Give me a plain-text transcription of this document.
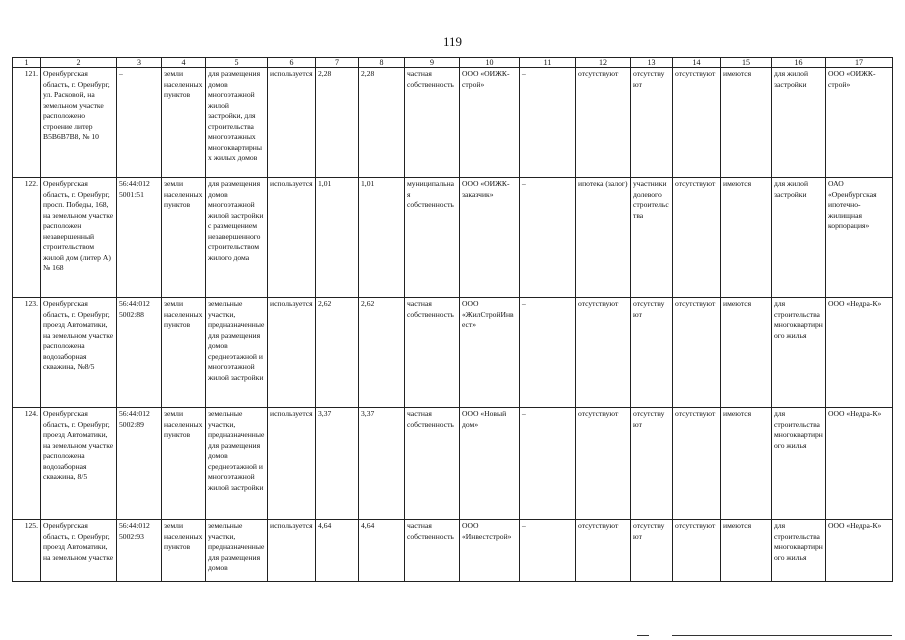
119
1	2	3	4	5	6	7	8	9	10	11	12	13	14	15	16	17
121.	Оренбургская область, г. Оренбург, ул. Расковой, на земельном участке расположено строение литер В5В6В7В8, № 10	–	земли населенных пунктов	для размещения домов многоэтажной жилой застройки, для строительства многоэтажных многоквартирных жилых домов	используется	2,28	2,28	частная собственность	ООО «ОИЖК-строй»	–	отсутствуют	отсутствуют	отсутствуют	имеются	для жилой застройки	ООО «ОИЖК-строй»
122.	Оренбургская область, г. Оренбург, просп. Победы, 168, на земельном участке расположен незавершенный строительством жилой дом (литер А) № 168	56:44:012 5001:51	земли населенных пунктов	для размещения домов многоэтажной жилой застройки с размещением незавершенного строительством жилого дома	используется	1,01	1,01	муниципальная собственность	ООО «ОИЖК-заказчик»	–	ипотека (залог)	участники долевого строительства	отсутствуют	имеются	для жилой застройки	ОАО «Оренбургская ипотечно-жилищная корпорация»
123.	Оренбургская область, г. Оренбург, проезд Автоматики, на земельном участке расположена водозаборная скважина, №8/5	56:44:012 5002:88	земли населенных пунктов	земельные участки, предназначенные для размещения домов среднеэтажной и многоэтажной жилой застройки	используется	2,62	2,62	частная собственность	ООО «ЖилСтройИнвест»	–	отсутствуют	отсутствуют	отсутствуют	имеются	для строительства многоквартирного жилья	ООО «Недра-К»
124.	Оренбургская область, г. Оренбург, проезд Автоматики, на земельном участке расположена водозаборная скважина, 8/5	56:44:012 5002:89	земли населенных пунктов	земельные участки, предназначенные для размещения домов среднеэтажной и многоэтажной жилой застройки	используется	3,37	3,37	частная собственность	ООО «Новый дом»	–	отсутствуют	отсутствуют	отсутствуют	имеются	для строительства многоквартирного жилья	ООО «Недра-К»
125.	Оренбургская область, г. Оренбург, проезд Автоматики, на земельном участке	56:44:012 5002:93	земли населенных пунктов	земельные участки, предназначенные для размещения домов	используется	4,64	4,64	частная собственность	ООО «Инвестстрой»	–	отсутствуют	отсутствуют	отсутствуют	имеются	для строительства многоквартирного жилья	ООО «Недра-К»
